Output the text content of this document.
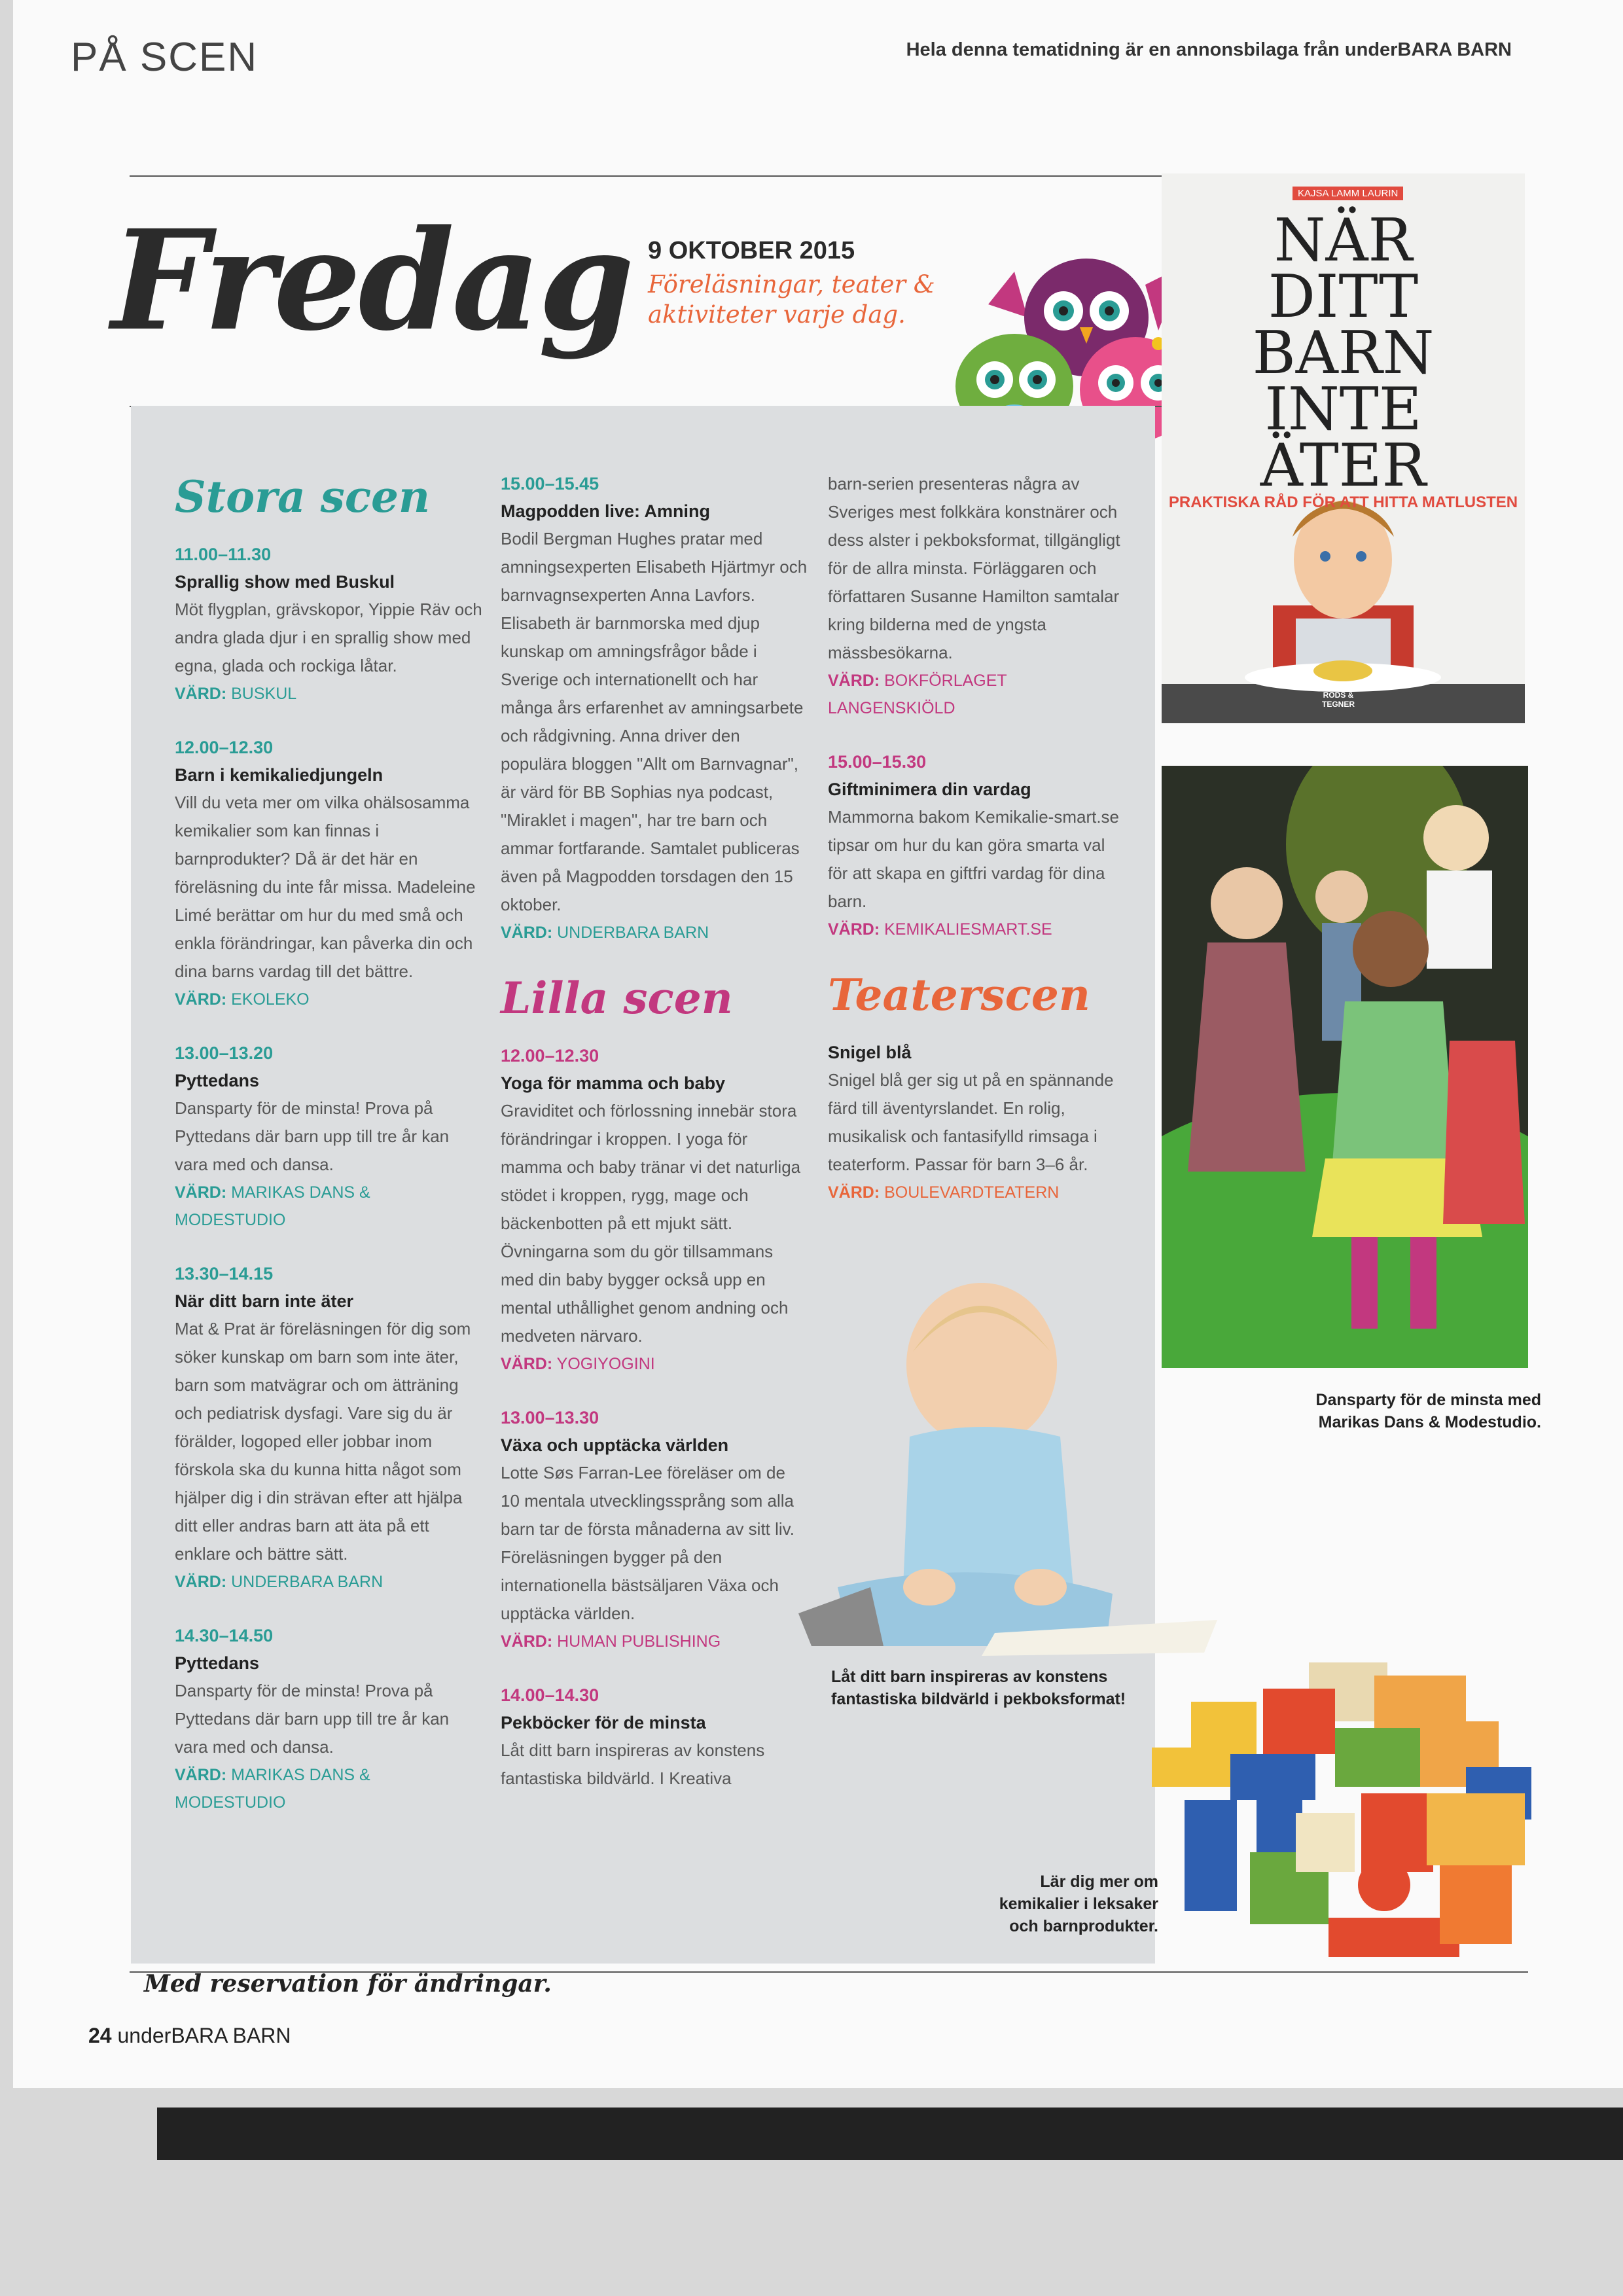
PÅ SCEN	Hela denna tematidning är en annonsbilaga från underBARA BARN
Fredag 9 OKTOBER 2015
Föreläsningar, teater & aktiviteter varje dag.
Stora scen
11.00–11.30
Sprallig show med Buskul
Möt flygplan, grävskopor, Yippie Räv och andra glada djur i en sprallig show med egna, glada och rockiga låtar.
VÄRD: BUSKUL
12.00–12.30
Barn i kemikaliedjungeln
Vill du veta mer om vilka ohälsosamma kemikalier som kan finnas i barnprodukter? Då är det här en föreläsning du inte får missa. Madeleine Limé berättar om hur du med små och enkla förändringar, kan påverka din och dina barns vardag till det bättre.
VÄRD: EKOLEKO
13.00–13.20
Pyttedans
Dansparty för de minsta! Prova på Pyttedans där barn upp till tre år kan vara med och dansa.
VÄRD: MARIKAS DANS & MODESTUDIO
13.30–14.15
När ditt barn inte äter
Mat & Prat är föreläsningen för dig som söker kunskap om barn som inte äter, barn som matvägrar och om ätträning och pediatrisk dysfagi. Vare sig du är förälder, logoped eller jobbar inom förskola ska du kunna hitta något som hjälper dig i din strävan efter att hjälpa ditt eller andras barn att äta på ett enklare och bättre sätt.
VÄRD: UNDERBARA BARN
14.30–14.50
Pyttedans
Dansparty för de minsta! Prova på Pyttedans där barn upp till tre år kan vara med och dansa.
VÄRD: MARIKAS DANS & MODESTUDIO
15.00–15.45
Magpodden live: Amning
Bodil Bergman Hughes pratar med amningsexperten Elisabeth Hjärtmyr och barnvagnsexperten Anna Lavfors. Elisabeth är barnmorska med djup kunskap om amningsfrågor både i Sverige och internationellt och har många års erfarenhet av amningsarbete och rådgivning. Anna driver den populära bloggen "Allt om Barnvagnar", är värd för BB Sophias nya podcast, "Miraklet i magen", har tre barn och ammar fortfarande. Samtalet publiceras även på Magpodden torsdagen den 15 oktober.
VÄRD: UNDERBARA BARN
Lilla scen
12.00–12.30
Yoga för mamma och baby
Graviditet och förlossning innebär stora förändringar i kroppen. I yoga för mamma och baby tränar vi det naturliga stödet i kroppen, rygg, mage och bäckenbotten på ett mjukt sätt. Övningarna som du gör tillsammans med din baby bygger också upp en mental uthållighet genom andning och medveten närvaro.
VÄRD: YOGIYOGINI
13.00–13.30
Växa och upptäcka världen
Lotte Søs Farran-Lee föreläser om de 10 mentala utvecklingssprång som alla barn tar de första månaderna av sitt liv. Föreläsningen bygger på den internationella bästsäljaren Växa och upptäcka världen.
VÄRD: HUMAN PUBLISHING
14.00–14.30
Pekböcker för de minsta
Låt ditt barn inspireras av konstens fantastiska bildvärld. I Kreativa
barn-serien presenteras några av Sveriges mest folkkära konstnärer och dess alster i pekboksformat, tillgängligt för de allra minsta. Förläggaren och författaren Susanne Hamilton samtalar kring bilderna med de yngsta mässbesökarna.
VÄRD: BOKFÖRLAGET LANGENSKIÖLD
15.00–15.30
Giftminimera din vardag
Mammorna bakom Kemikalie-smart.se tipsar om hur du kan göra smarta val för att skapa en giftfri vardag för dina barn.
VÄRD: KEMIKALIESMART.SE
Teaterscen
Snigel blå
Snigel blå ger sig ut på en spännande färd till äventyrslandet. En rolig, musikalisk och fantasifylld rimsaga i teaterform. Passar för barn 3–6 år.
VÄRD: BOULEVARDTEATERN
KAJSA LAMM LAURIN
NÄR
DITT
BARN
INTE
ÄTER
PRAKTISKA RÅD FÖR ATT HITTA MATLUSTEN
RODS & TEGNER
Dansparty för de minsta med Marikas Dans & Modestudio.
Låt ditt barn inspireras av konstens fantastiska bildvärld i pekboksformat!
Lär dig mer om kemikalier i leksaker och barnprodukter.
Med reservation för ändringar.
24 underBARA BARN
